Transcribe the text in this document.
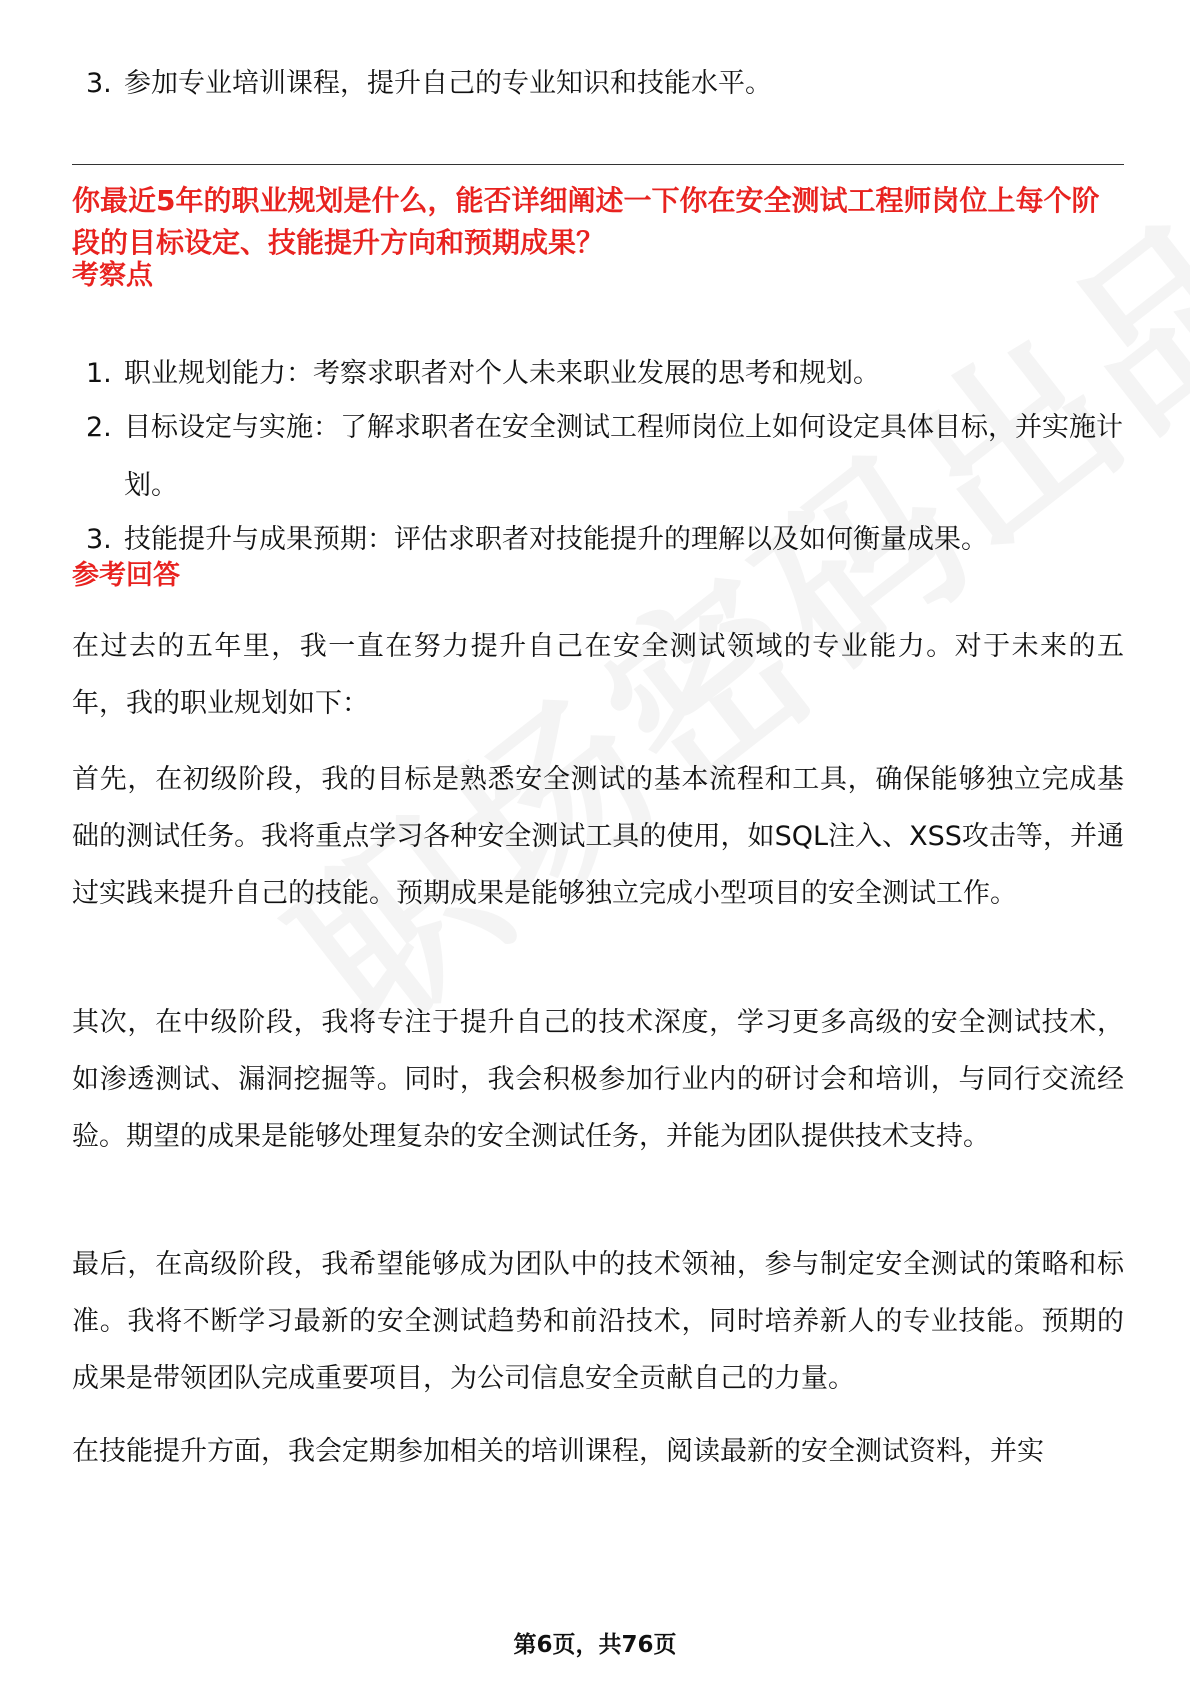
3. 参加专业培训课程，提升自己的专业知识和技能水平。
你最近5年的职业规划是什么，能否详细阐述一下你在安全测试工程师岗位上每个阶段的目标设定、技能提升方向和预期成果？
考察点
1. 职业规划能力：考察求职者对个人未来职业发展的思考和规划。
2. 目标设定与实施：了解求职者在安全测试工程师岗位上如何设定具体目标，并实施计划。
3. 技能提升与成果预期：评估求职者对技能提升的理解以及如何衡量成果。
参考回答

在过去的五年里，我一直在努力提升自己在安全测试领域的专业能力。对于未来的五年，我的职业规划如下：

首先，在初级阶段，我的目标是熟悉安全测试的基本流程和工具，确保能够独立完成基础的测试任务。我将重点学习各种安全测试工具的使用，如SQL注入、XSS攻击等，并通过实践来提升自己的技能。预期成果是能够独立完成小型项目的安全测试工作。

其次，在中级阶段，我将专注于提升自己的技术深度，学习更多高级的安全测试技术，如渗透测试、漏洞挖掘等。同时，我会积极参加行业内的研讨会和培训，与同行交流经验。期望的成果是能够处理复杂的安全测试任务，并能为团队提供技术支持。

最后，在高级阶段，我希望能够成为团队中的技术领袖，参与制定安全测试的策略和标准。我将不断学习最新的安全测试趋势和前沿技术，同时培养新人的专业技能。预期的成果是带领团队完成重要项目，为公司信息安全贡献自己的力量。

在技能提升方面，我会定期参加相关的培训课程，阅读最新的安全测试资料，并实

第6页，共76页
